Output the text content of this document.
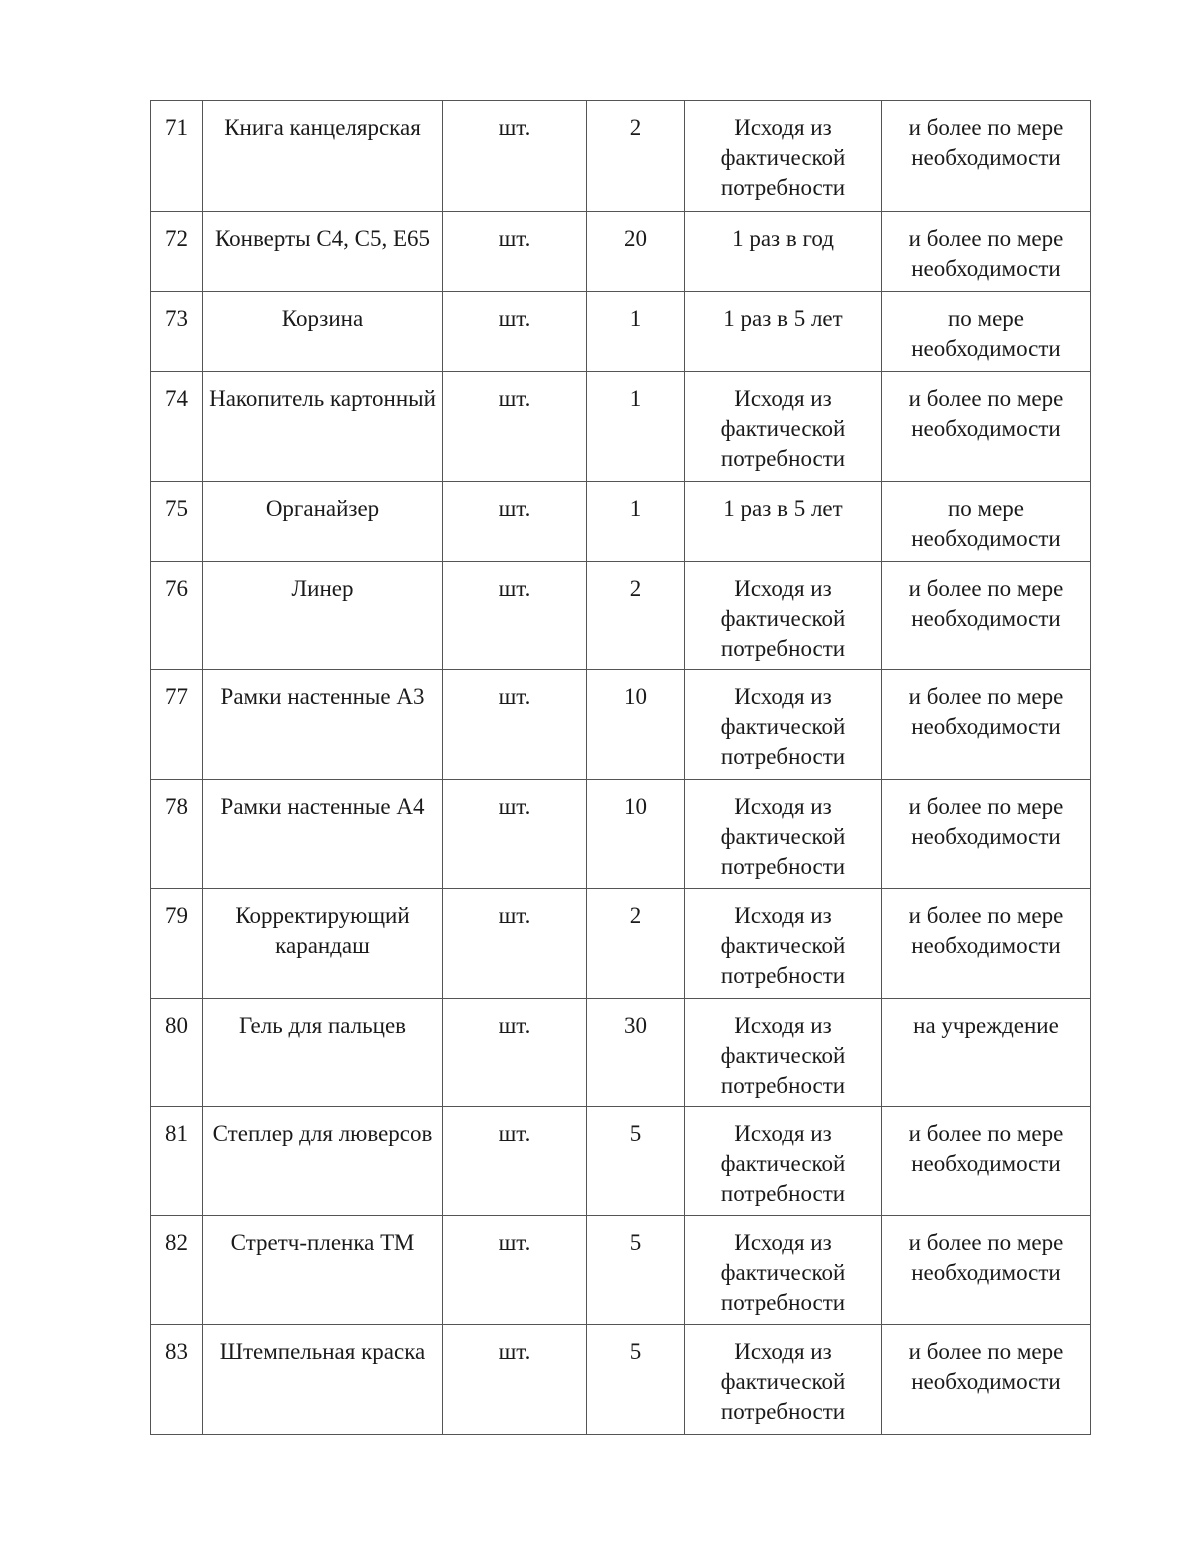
71	Книга канцелярская	шт.	2	Исходя из фактической потребности	и более по мере необходимости
72	Конверты С4, С5, Е65	шт.	20	1 раз в год	и более по мере необходимости
73	Корзина	шт.	1	1 раз в 5 лет	по мере необходимости
74	Накопитель картонный	шт.	1	Исходя из фактической потребности	и более по мере необходимости
75	Органайзер	шт.	1	1 раз в 5 лет	по мере необходимости
76	Линер	шт.	2	Исходя из фактической потребности	и более по мере необходимости
77	Рамки настенные А3	шт.	10	Исходя из фактической потребности	и более по мере необходимости
78	Рамки настенные А4	шт.	10	Исходя из фактической потребности	и более по мере необходимости
79	Корректирующий карандаш	шт.	2	Исходя из фактической потребности	и более по мере необходимости
80	Гель для пальцев	шт.	30	Исходя из фактической потребности	на учреждение
81	Степлер для люверсов	шт.	5	Исходя из фактической потребности	и более по мере необходимости
82	Стретч-пленка ТМ	шт.	5	Исходя из фактической потребности	и более по мере необходимости
83	Штемпельная краска	шт.	5	Исходя из фактической потребности	и более по мере необходимости
